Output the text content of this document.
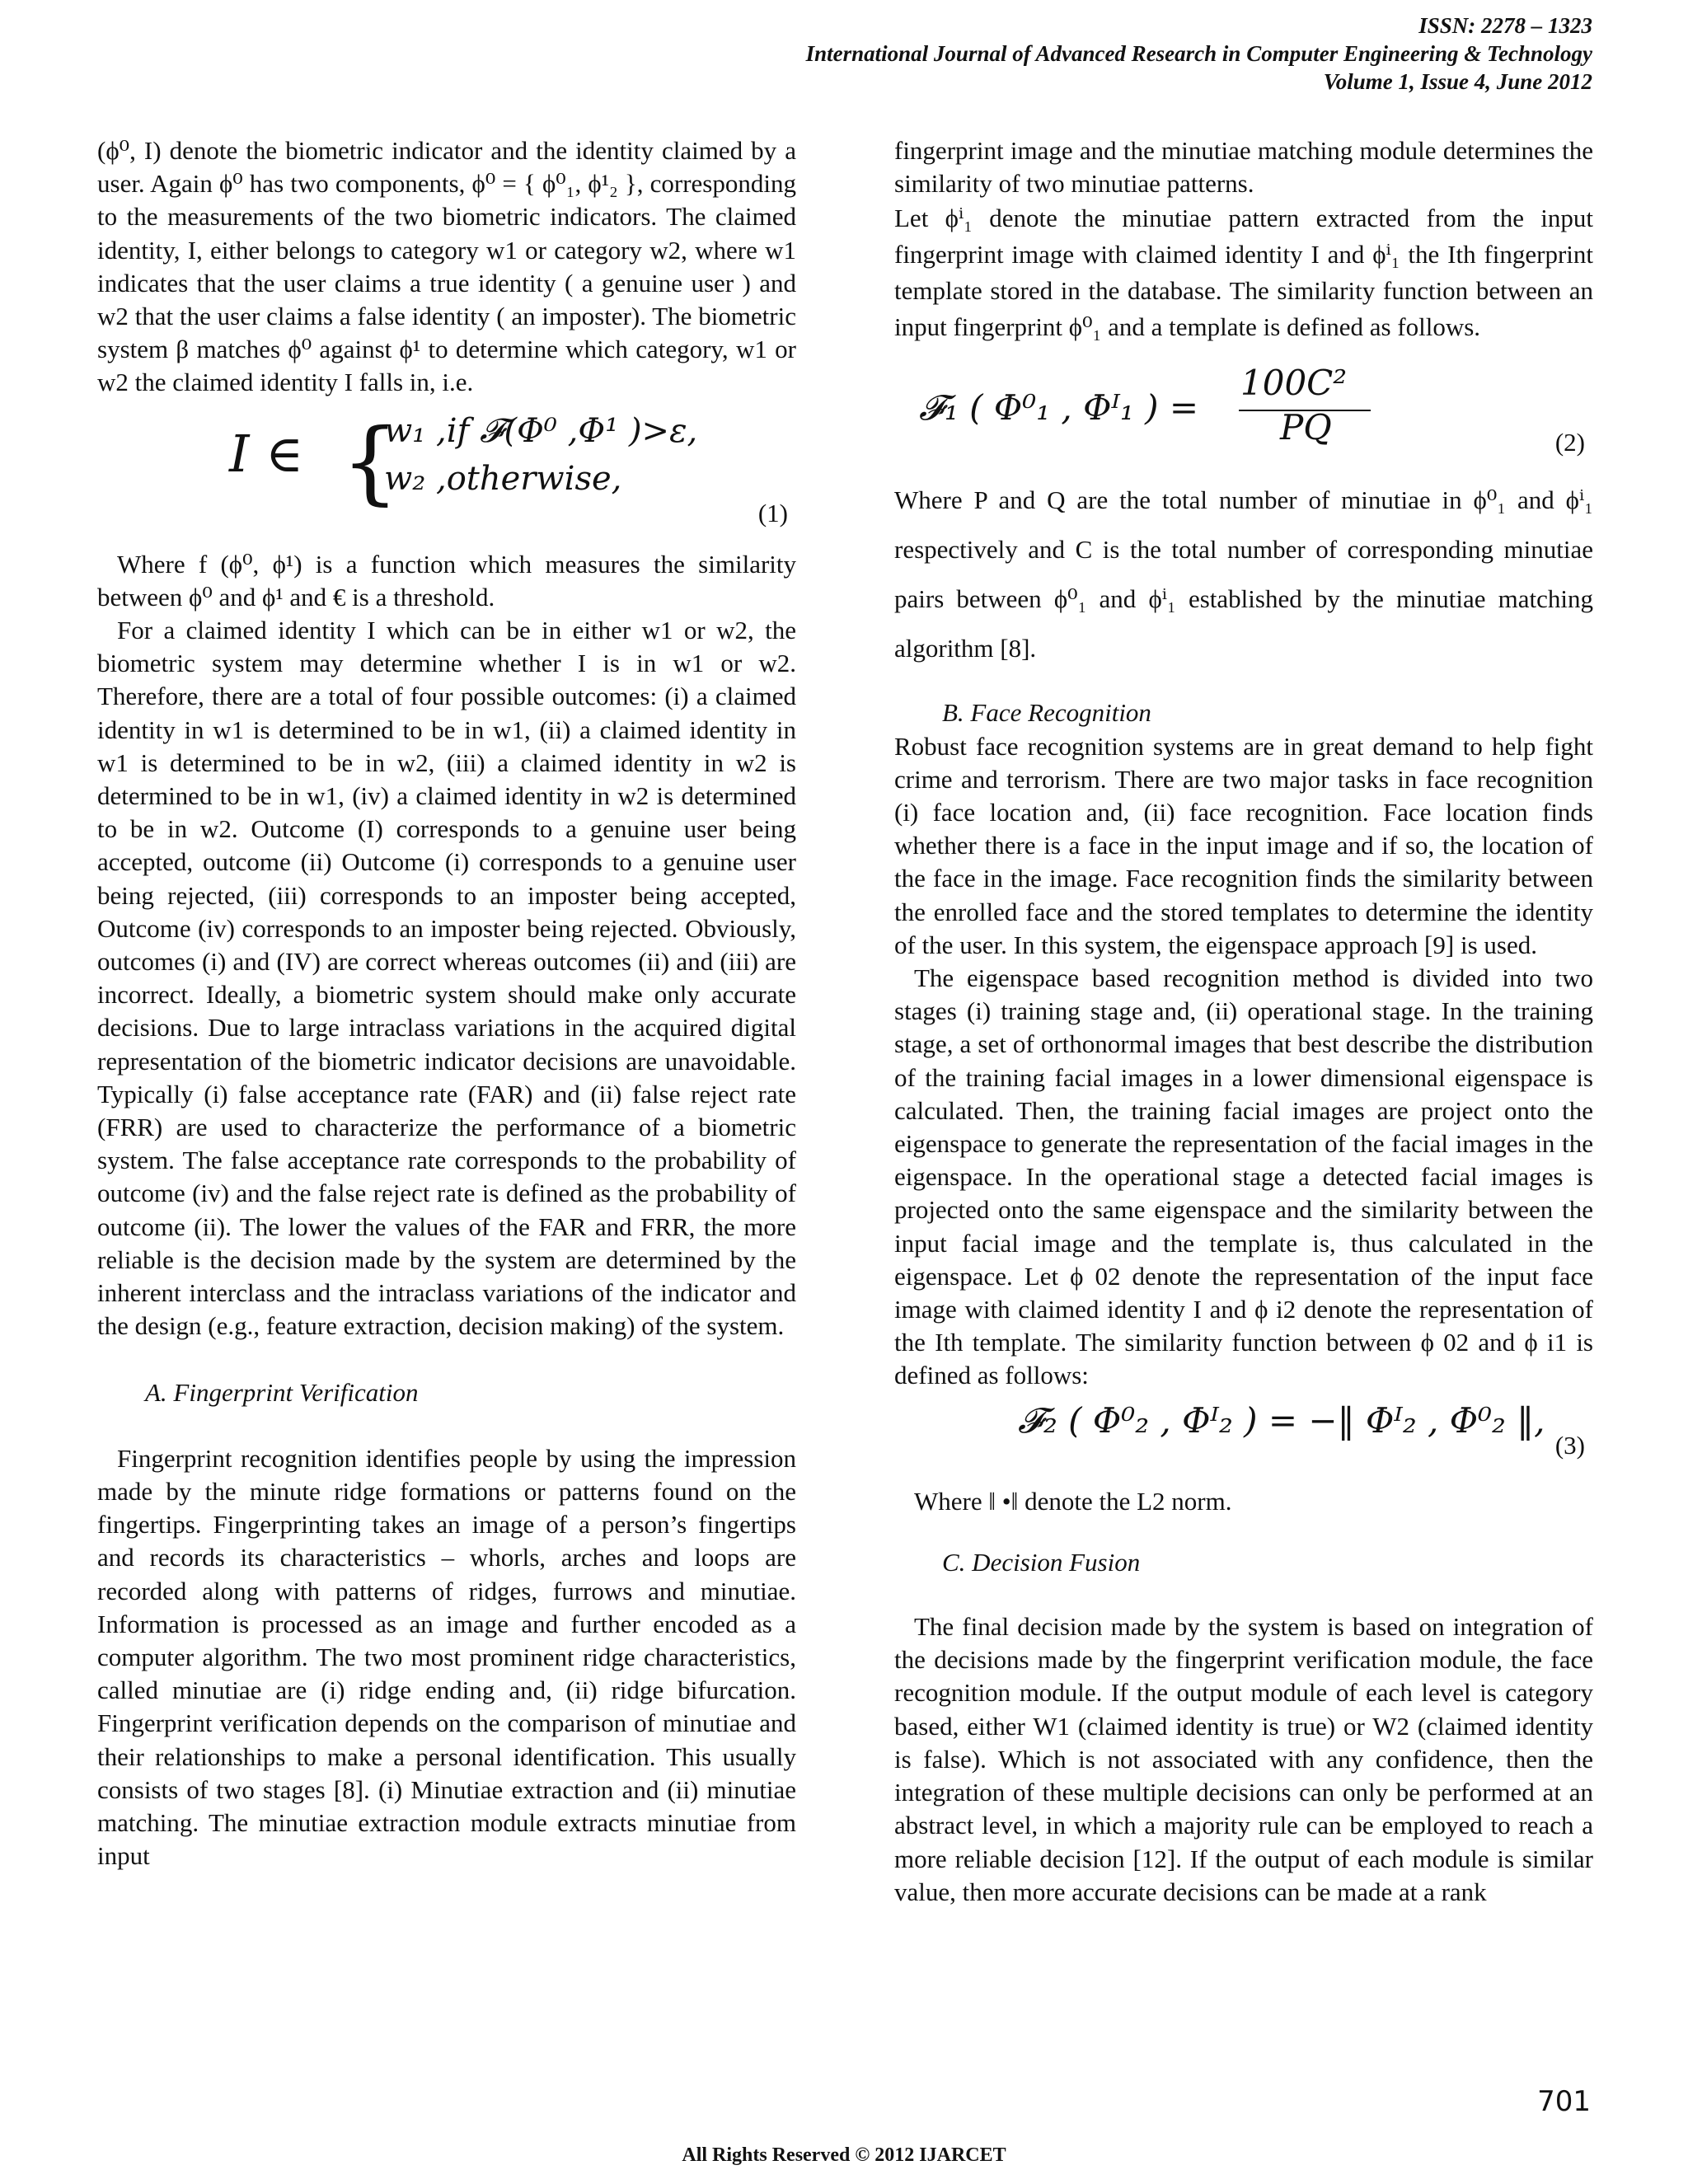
ISSN: 2278 – 1323
International Journal of Advanced Research in Computer Engineering & Technology
Volume 1, Issue 4, June 2012

(ϕ⁰, I) denote the biometric indicator and the identity claimed by a user. Again ϕ⁰ has two components, ϕ⁰ = { ϕ⁰₁, ϕ¹₂ }, corresponding to the measurements of the two biometric indicators. The claimed identity, I, either belongs to category w1 or category w2, where w1 indicates that the user claims a true identity ( a genuine user ) and w2 that the user claims a false identity ( an imposter). The biometric system β matches ϕ⁰ against ϕ¹ to determine which category, w1 or w2 the claimed identity I falls in, i.e.

I ∈ {
w₁ ,if 𝓕(Φ⁰ ,Φ¹ )>ε,
w₂ ,otherwise,
(1)

Where f (ϕ⁰, ϕ¹) is a function which measures the similarity between ϕ⁰ and ϕ¹ and € is a threshold.

For a claimed identity I which can be in either w1 or w2, the biometric system may determine whether I is in w1 or w2. Therefore, there are a total of four possible outcomes: (i) a claimed identity in w1 is determined to be in w1, (ii) a claimed identity in w1 is determined to be in w2, (iii) a claimed identity in w2 is determined to be in w1, (iv) a claimed identity in w2 is determined to be in w2. Outcome (I) corresponds to a genuine user being accepted, outcome (ii) Outcome (i) corresponds to a genuine user being rejected, (iii) corresponds to an imposter being accepted, Outcome (iv) corresponds to an imposter being rejected. Obviously, outcomes (i) and (IV) are correct whereas outcomes (ii) and (iii) are incorrect. Ideally, a biometric system should make only accurate decisions. Due to large intraclass variations in the acquired digital representation of the biometric indicator decisions are unavoidable. Typically (i) false acceptance rate (FAR) and (ii) false reject rate (FRR) are used to characterize the performance of a biometric system. The false acceptance rate corresponds to the probability of outcome (iv) and the false reject rate is defined as the probability of outcome (ii). The lower the values of the FAR and FRR, the more reliable is the decision made by the system are determined by the inherent interclass and the intraclass variations of the indicator and the design (e.g., feature extraction, decision making) of the system.

A. Fingerprint Verification

Fingerprint recognition identifies people by using the impression made by the minute ridge formations or patterns found on the fingertips. Fingerprinting takes an image of a person’s fingertips and records its characteristics – whorls, arches and loops are recorded along with patterns of ridges, furrows and minutiae. Information is processed as an image and further encoded as a computer algorithm. The two most prominent ridge characteristics, called minutiae are (i) ridge ending and, (ii) ridge bifurcation. Fingerprint verification depends on the comparison of minutiae and their relationships to make a personal identification. This usually consists of two stages [8]. (i) Minutiae extraction and (ii) minutiae matching. The minutiae extraction module extracts minutiae from input

fingerprint image and the minutiae matching module determines the similarity of two minutiae patterns.

Let ϕⁱ₁ denote the minutiae pattern extracted from the input fingerprint image with claimed identity I and ϕⁱ₁ the Ith fingerprint template stored in the database. The similarity function between an input fingerprint ϕ⁰₁ and a template is defined as follows.

𝓕₁ ( Φ⁰₁ , Φᴵ₁ ) =
100C²
PQ	(2)

Where P and Q are the total number of minutiae in ϕ⁰₁ and ϕⁱ₁ respectively and C is the total number of corresponding minutiae pairs between ϕ⁰₁ and ϕⁱ₁ established by the minutiae matching algorithm [8].

B. Face Recognition

Robust face recognition systems are in great demand to help fight crime and terrorism. There are two major tasks in face recognition (i) face location and, (ii) face recognition. Face location finds whether there is a face in the input image and if so, the location of the face in the image. Face recognition finds the similarity between the enrolled face and the stored templates to determine the identity of the user. In this system, the eigenspace approach [9] is used.

The eigenspace based recognition method is divided into two stages (i) training stage and, (ii) operational stage. In the training stage, a set of orthonormal images that best describe the distribution of the training facial images in a lower dimensional eigenspace is calculated. Then, the training facial images are project onto the eigenspace to generate the representation of the facial images in the eigenspace. In the operational stage a detected facial images is projected onto the same eigenspace and the similarity between the input facial image and the template is, thus calculated in the eigenspace. Let ϕ 02 denote the representation of the input face image with claimed identity I and ϕ i2 denote the representation of the Ith template. The similarity function between ϕ 02 and ϕ i1 is defined as follows:

𝓕₂ ( Φ⁰₂ , Φᴵ₂ ) = −‖ Φᴵ₂ , Φ⁰₂ ‖,
(3)

Where ‖ •‖ denote the L2 norm.

C. Decision Fusion

The final decision made by the system is based on integration of the decisions made by the fingerprint verification module, the face recognition module. If the output module of each level is category based, either W1 (claimed identity is true) or W2 (claimed identity is false). Which is not associated with any confidence, then the integration of these multiple decisions can only be performed at an abstract level, in which a majority rule can be employed to reach a more reliable decision [12]. If the output of each module is similar value, then more accurate decisions can be made at a rank

701
All Rights Reserved © 2012 IJARCET
